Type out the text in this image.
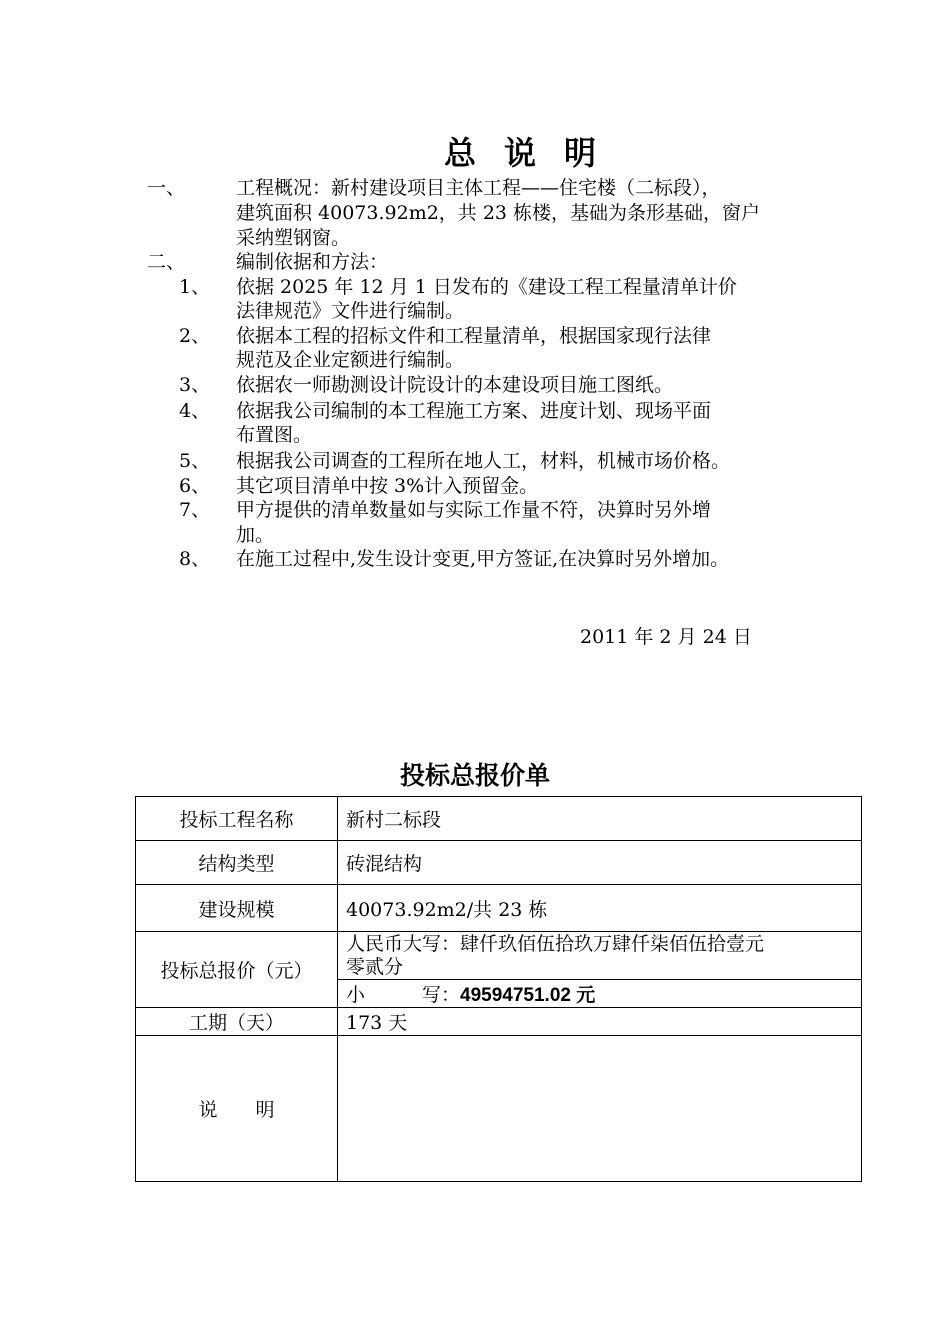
总 说 明
一、	工程概况：新村建设项目主体工程——住宅楼（二标段），
建筑面积 40073.92m2，共 23 栋楼，基础为条形基础，窗户
采纳塑钢窗。
二、	编制依据和方法：
1、 依据 2025 年 12 月 1 日发布的《建设工程工程量清单计价
法律规范》文件进行编制。
2、 依据本工程的招标文件和工程量清单，根据国家现行法律
规范及企业定额进行编制。
3、 依据农一师勘测设计院设计的本建设项目施工图纸。
4、 依据我公司编制的本工程施工方案、进度计划、现场平面
布置图。
5、 根据我公司调查的工程所在地人工，材料，机械市场价格。
6、 其它项目清单中按 3%计入预留金。
7、 甲方提供的清单数量如与实际工作量不符，决算时另外增
加。
8、 在施工过程中,发生设计变更,甲方签证,在决算时另外增加。
2011 年 2 月 24 日
投标总报价单
投标工程名称	新村二标段
结构类型	砖混结构
建设规模	40073.92m2/共 23 栋
投标总报价（元）	人民币大写：肆仟玖佰伍拾玖万肆仟柒佰伍拾壹元
零贰分

	小　　　写：49594751.02 元
工期（天）	173 天
说　　明	
